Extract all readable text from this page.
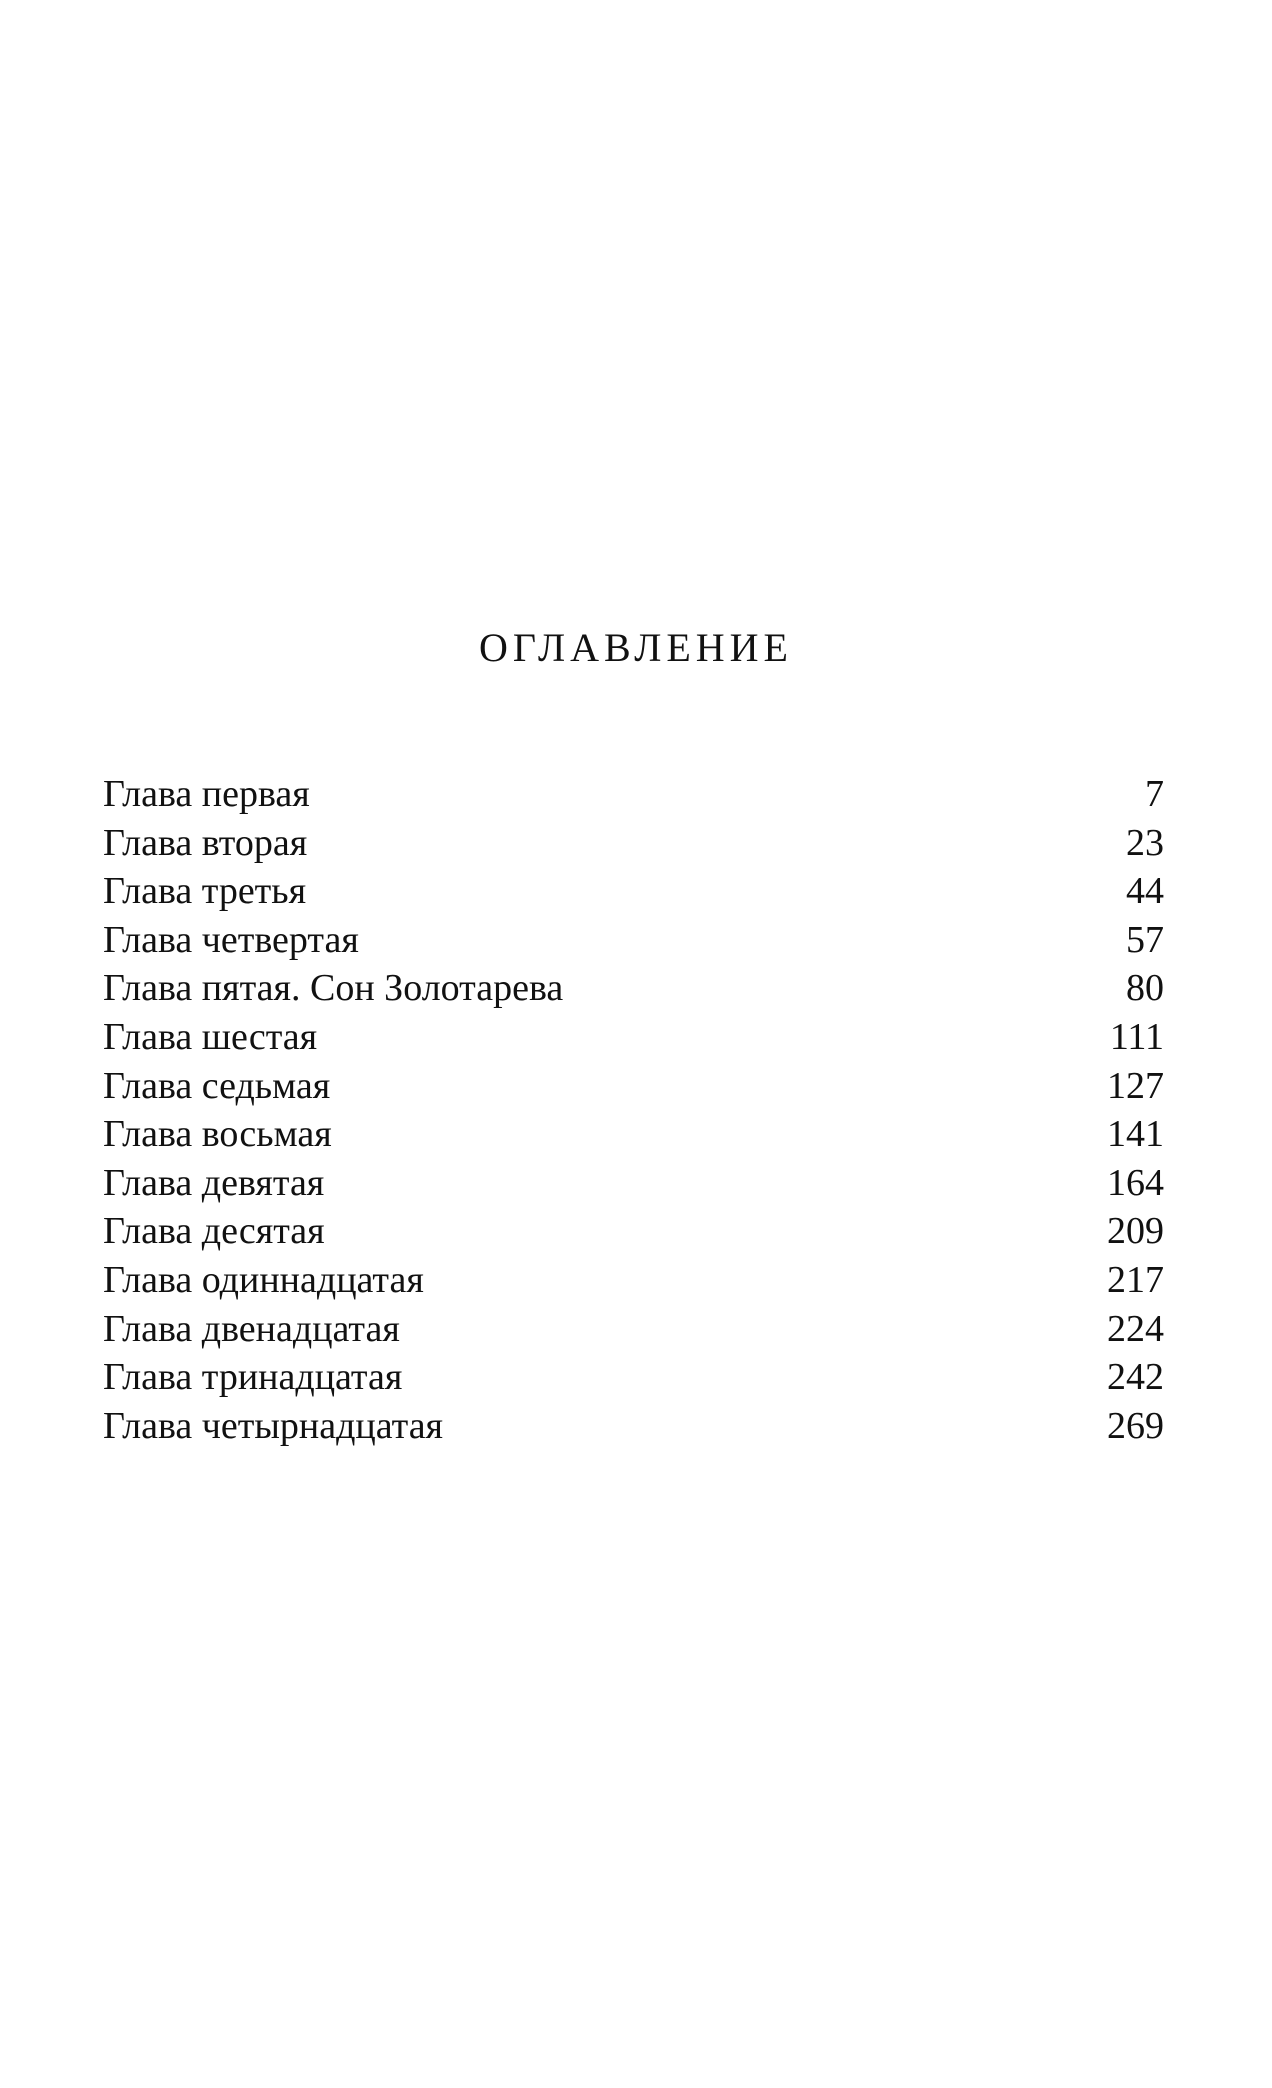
ОГЛАВЛЕНИЕ
Глава первая	7
Глава вторая	23
Глава третья	44
Глава четвертая	57
Глава пятая. Сон Золотарева	80
Глава шестая	111
Глава седьмая	127
Глава восьмая	141
Глава девятая	164
Глава десятая	209
Глава одиннадцатая	217
Глава двенадцатая	224
Глава тринадцатая	242
Глава четырнадцатая	269
